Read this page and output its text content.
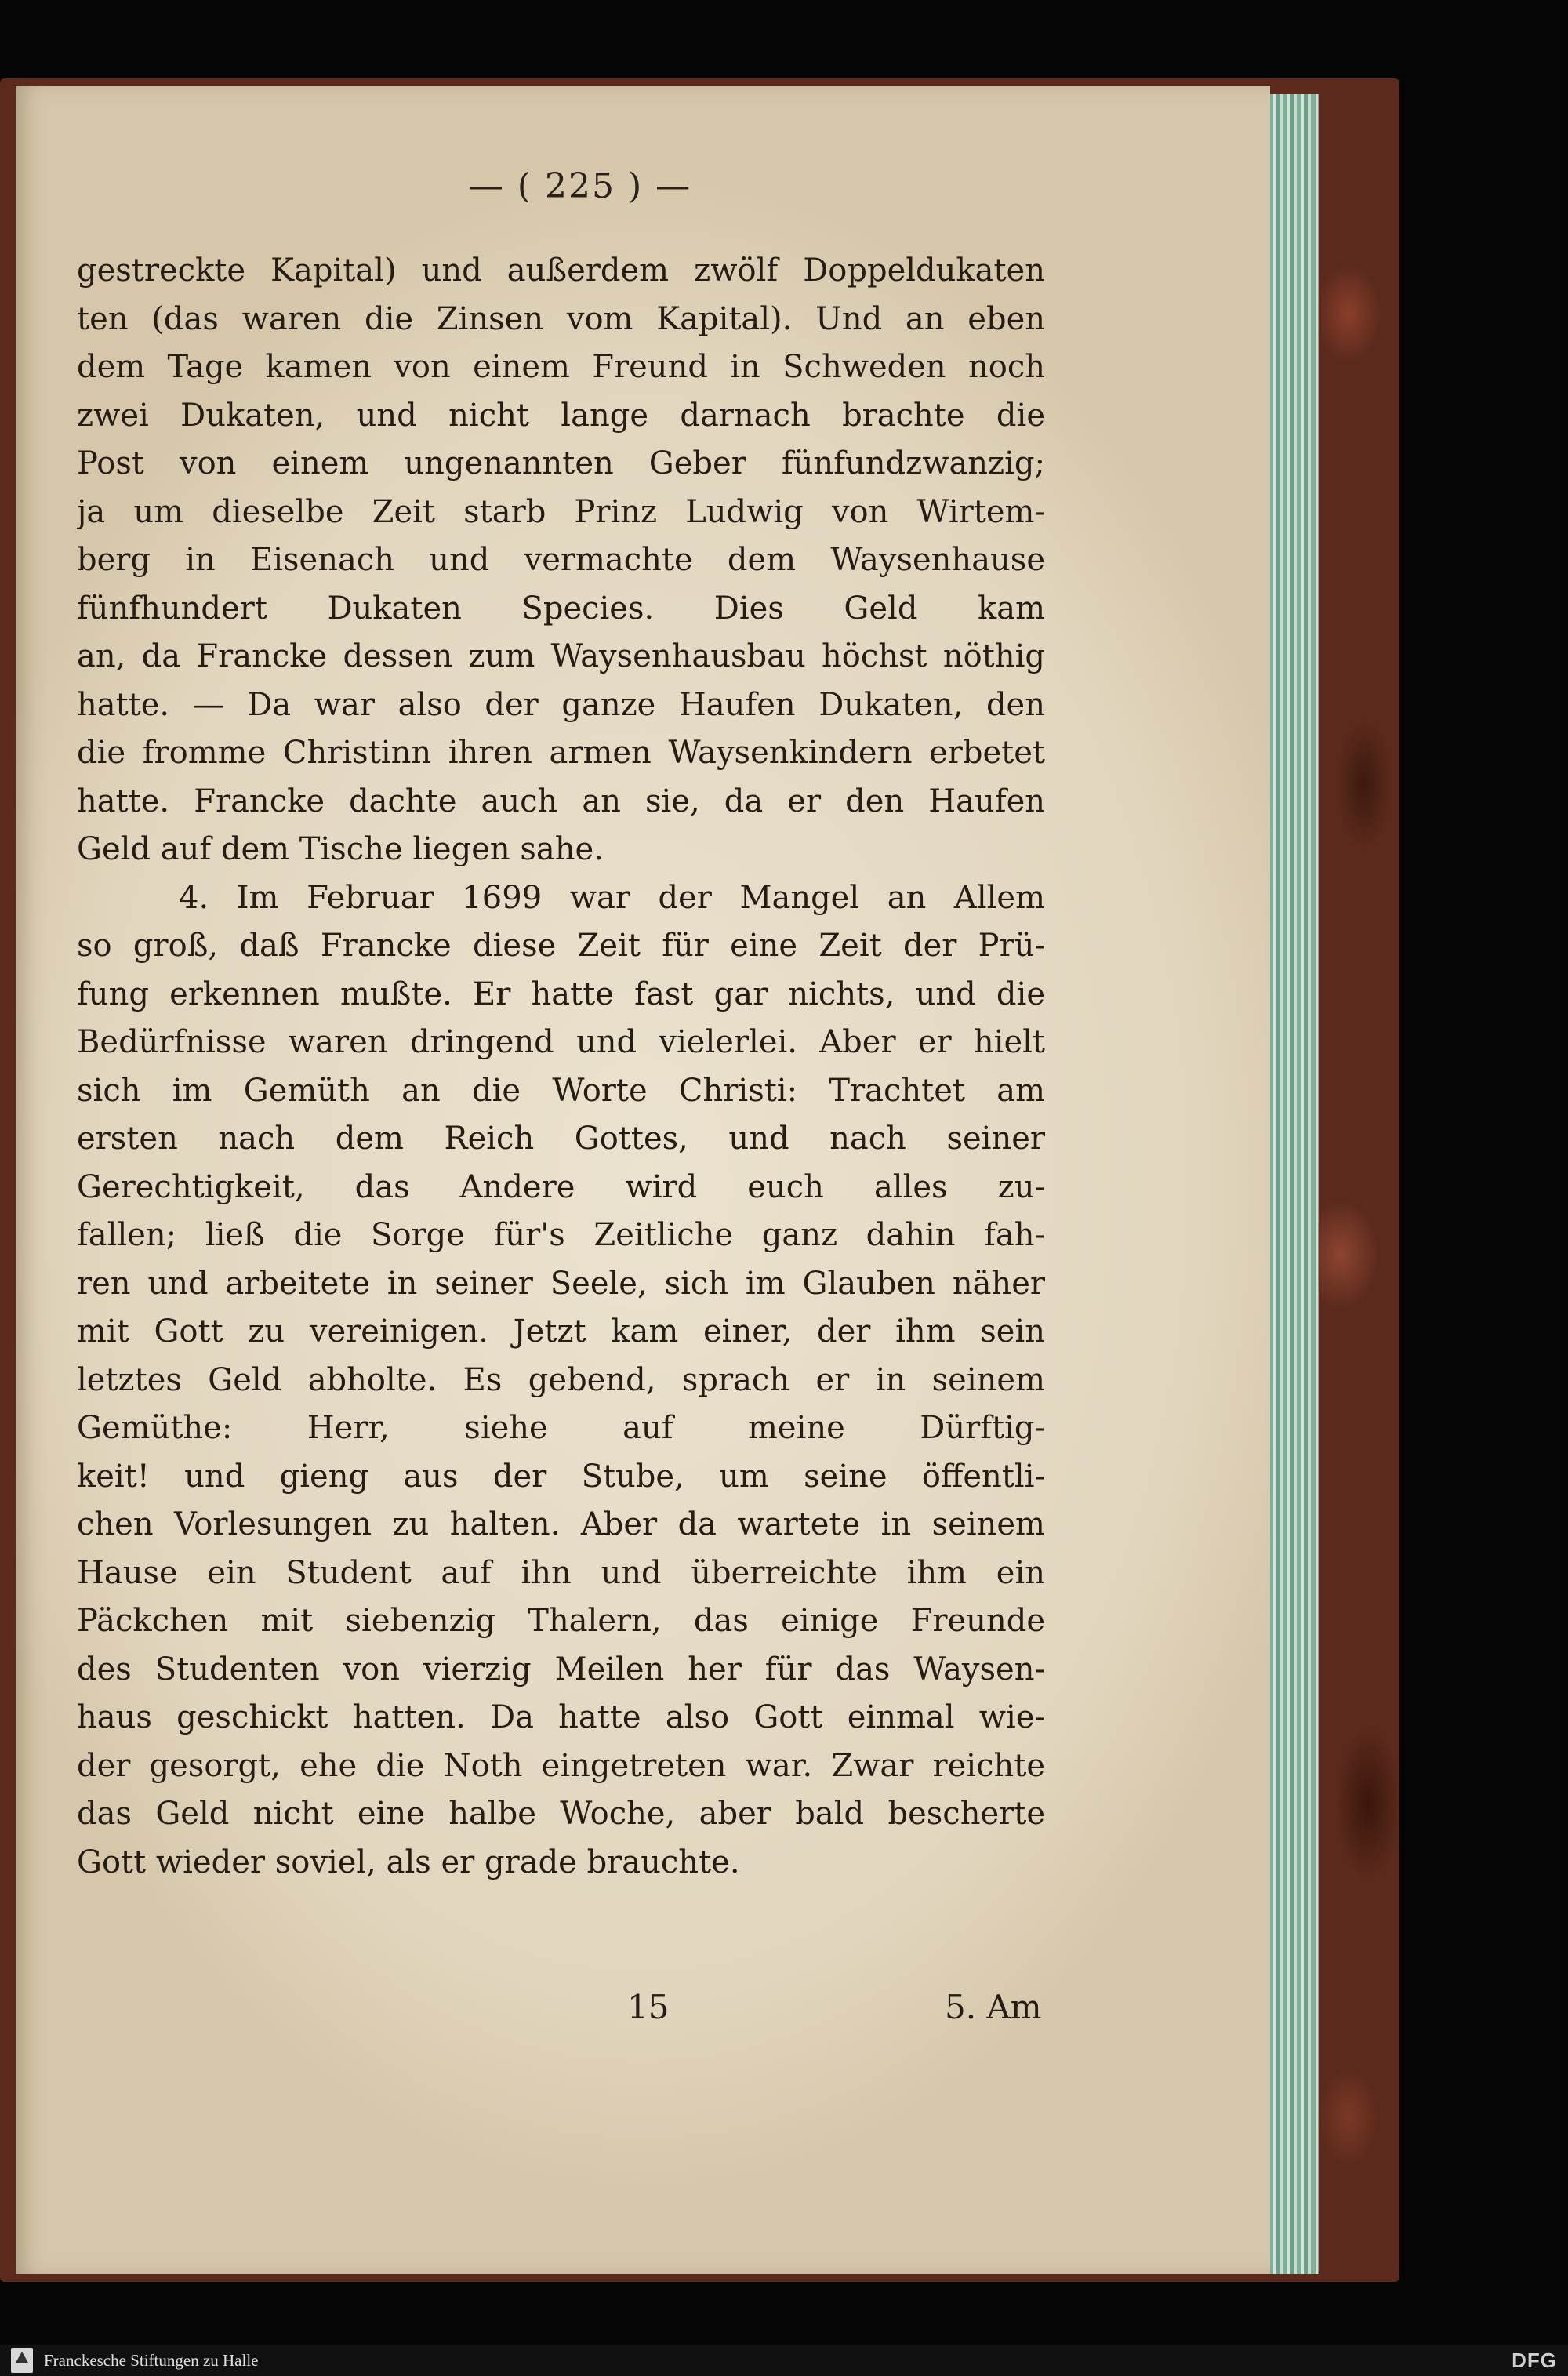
— ( 225 ) —
gestreckte Kapital) und außerdem zwölf Doppeldukaten
ten (das waren die Zinsen vom Kapital). Und an eben
dem Tage kamen von einem Freund in Schweden noch
zwei Dukaten, und nicht lange darnach brachte die
Post von einem ungenannten Geber fünfundzwanzig;
ja um dieselbe Zeit starb Prinz Ludwig von Wirtem-
berg in Eisenach und vermachte dem Waysenhause
fünfhundert Dukaten Species. Dies Geld kam
an, da Francke dessen zum Waysenhausbau höchst nöthig
hatte. — Da war also der ganze Haufen Dukaten, den
die fromme Christinn ihren armen Waysenkindern erbetet
hatte. Francke dachte auch an sie, da er den Haufen
Geld auf dem Tische liegen sahe.
4. Im Februar 1699 war der Mangel an Allem
so groß, daß Francke diese Zeit für eine Zeit der Prü-
fung erkennen mußte. Er hatte fast gar nichts, und die
Bedürfnisse waren dringend und vielerlei. Aber er hielt
sich im Gemüth an die Worte Christi: Trachtet am
ersten nach dem Reich Gottes, und nach seiner
Gerechtigkeit, das Andere wird euch alles zu-
fallen; ließ die Sorge für's Zeitliche ganz dahin fah-
ren und arbeitete in seiner Seele, sich im Glauben näher
mit Gott zu vereinigen. Jetzt kam einer, der ihm sein
letztes Geld abholte. Es gebend, sprach er in seinem
Gemüthe: Herr, siehe auf meine Dürftig-
keit! und gieng aus der Stube, um seine öffentli-
chen Vorlesungen zu halten. Aber da wartete in seinem
Hause ein Student auf ihn und überreichte ihm ein
Päckchen mit siebenzig Thalern, das einige Freunde
des Studenten von vierzig Meilen her für das Waysen-
haus geschickt hatten. Da hatte also Gott einmal wie-
der gesorgt, ehe die Noth eingetreten war. Zwar reichte
das Geld nicht eine halbe Woche, aber bald bescherte
Gott wieder soviel, als er grade brauchte.
15	5. Am
Franckesche Stiftungen zu Halle	DFG
